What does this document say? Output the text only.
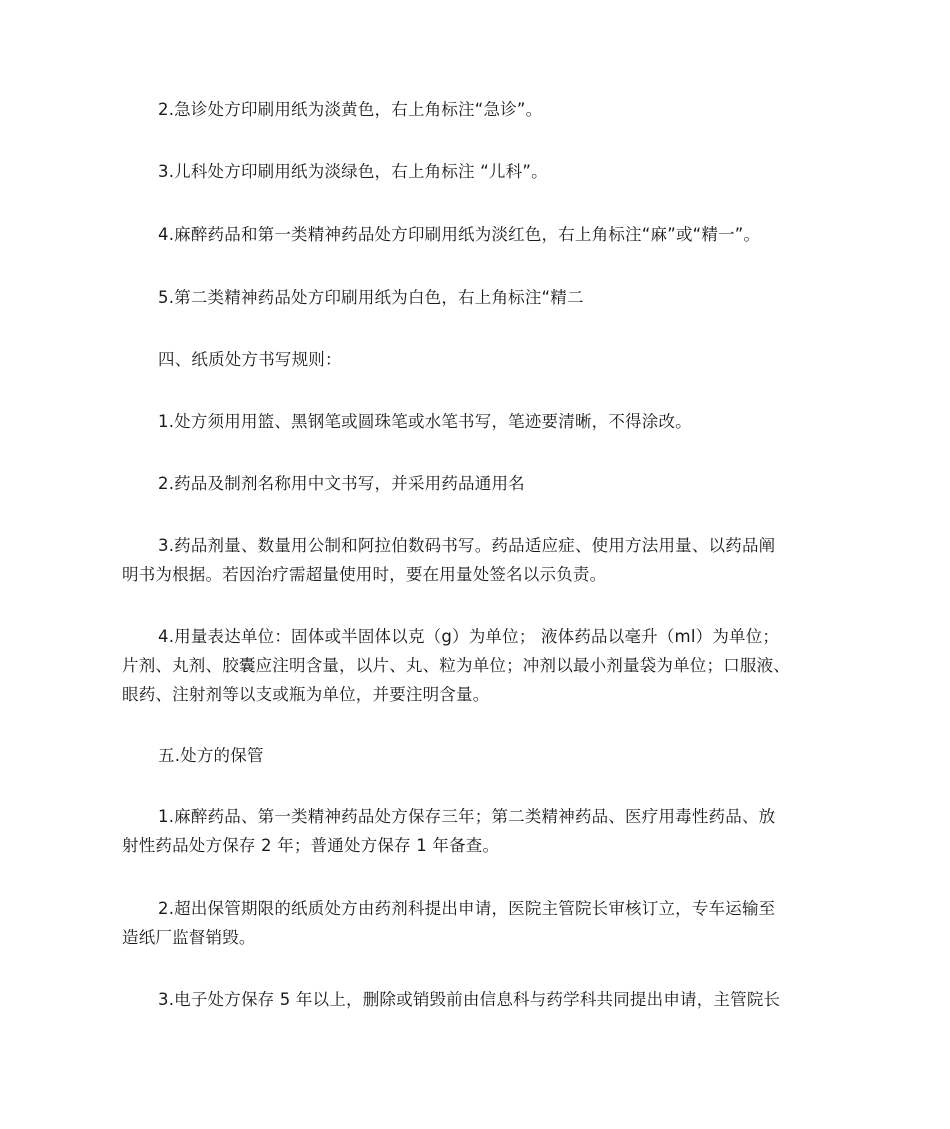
2.急诊处方印刷用纸为淡黄色，右上角标注“急诊”。

3.儿科处方印刷用纸为淡绿色，右上角标注 “儿科”。

4.麻醉药品和第一类精神药品处方印刷用纸为淡红色，右上角标注“麻”或“精一”。

5.第二类精神药品处方印刷用纸为白色，右上角标注“精二

四、纸质处方书写规则：

1.处方须用用篮、黑钢笔或圆珠笔或水笔书写，笔迹要清晰，不得涂改。

2.药品及制剂名称用中文书写，并采用药品通用名

3.药品剂量、数量用公制和阿拉伯数码书写。药品适应症、使用方法用量、以药品阐
明书为根据。若因治疗需超量使用时，要在用量处签名以示负责。

4.用量表达单位：固体或半固体以克（g）为单位； 液体药品以毫升（ml）为单位；
片剂、丸剂、胶囊应注明含量，以片、丸、粒为单位；冲剂以最小剂量袋为单位；口服液、
眼药、注射剂等以支或瓶为单位，并要注明含量。

五.处方的保管

1.麻醉药品、第一类精神药品处方保存三年；第二类精神药品、医疗用毒性药品、放
射性药品处方保存 2 年；普通处方保存 1 年备查。

2.超出保管期限的纸质处方由药剂科提出申请，医院主管院长审核订立，专车运输至
造纸厂监督销毁。

3.电子处方保存 5 年以上，删除或销毁前由信息科与药学科共同提出申请，主管院长
